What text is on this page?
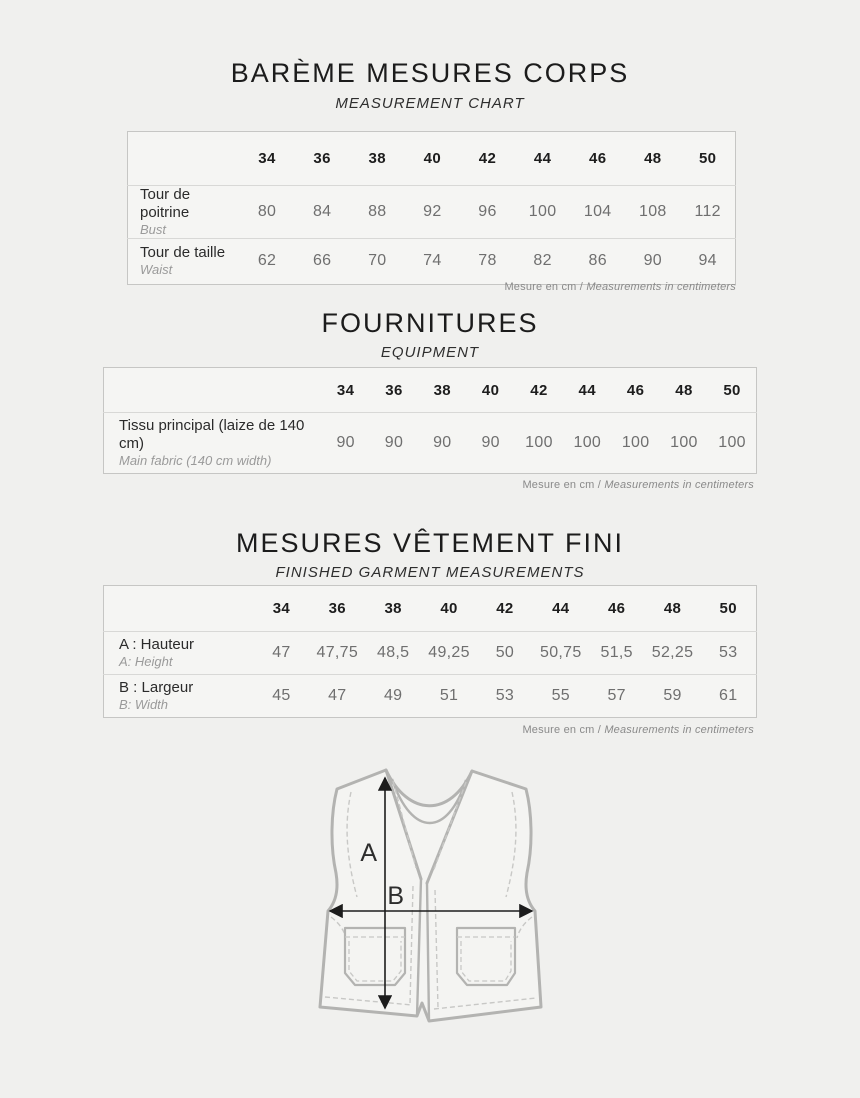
BARÈME MESURES CORPS
MEASUREMENT CHART
	34	36	38	40	42	44	46	48	50

Tour de poitrine
Bust	80	84	88	92	96	100	104	108	112

Tour de taille
Waist	62	66	70	74	78	82	86	90	94
Mesure en cm / Measurements in centimeters
FOURNITURES
EQUIPMENT
	34	36	38	40	42	44	46	48	50

Tissu principal (laize de 140 cm)
Main fabric (140 cm width)	90	90	90	90	100	100	100	100	100
Mesure en cm / Measurements in centimeters
MESURES VÊTEMENT FINI
FINISHED GARMENT MEASUREMENTS
	34	36	38	40	42	44	46	48	50

A : Hauteur
A: Height	47	47,75	48,5	49,25	50	50,75	51,5	52,25	53

B : Largeur
B: Width	45	47	49	51	53	55	57	59	61
Mesure en cm / Measurements in centimeters
A
B
